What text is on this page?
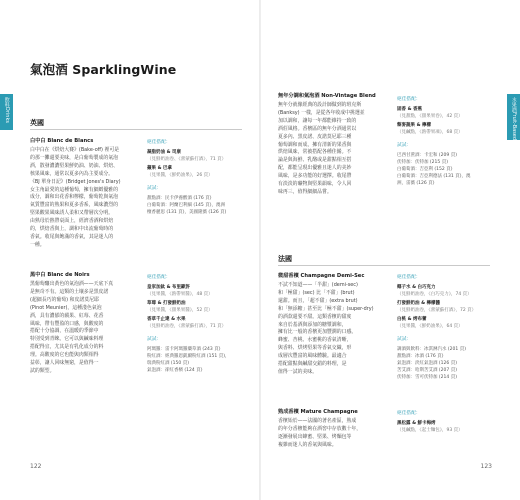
飲料
Drinks
氣泡酒 SparklingWine
英國
白中白 Blanc de Blancs

白中白在《烘焙大賽》(Bake-off) 裡可是

的那一攤還要美味，是白葡萄製成的氣泡

酒，散發濃濃堅果鮮奶油、奶油、烘焙、

核果風味，通常以夏多內為主要成分。

《BJ 單身日記》(Bridget Jones's Diary)

女主角最愛的這種葡萄，擁有細緻優雅的

成分，調和出花香和檸檬，葡萄乾與氣泡

氣質豐富的熟果和夏多香系，風味濃烈的

堅果酸果風味誘人柔和又帶層次分明。

由熟母於熱帶桌面上，經濟香酒和烘焙

的，烘焙香與上，調和中出流葡萄時的

香氣。收尾與飽滿的香氣，其是迷人的

一種。

絕佳搭配：
凝脂奶油 & 司康
（見鮮奶油卷、《蕾蒙蘇打酒》，71 頁）
蘋果 & 巴拿
（見果醬，《鮮奶油果》，26 頁）
試試：
甜點酒：民卡伊養酸酒 (176 頁)
白葡萄酒：阿蘭巴利細 (145 頁)，澳洲
檀香麗思 (131 頁)，美國隆薇 (126 頁)
黑中白 Blanc de Noirs

黑葡萄釀出黃色的氣泡酒——天底下真

是無奇不有。這類的土壤多是黑皮諾

(超細長巧的葡萄) 和皮諾莫尼耶

(Pinot Meunier)，這種淺色氣泡

酒，具有濃郁的蘋果、紅莓、花香

風味，帶有豐盈的口感，與酸度的

搭配十分協調，在溫暖的季節中

特別受到青睞。它可以與鹹味料理

搭配得宜，尤其是有乳化成分的料

理。高酸度的它也能與肉類相得

益彰，讓人回味無窮，是值得一

試的類型。

絕佳搭配：
皇家加鈦 & 布里歐許
（見果醬，《熱帶果醬》，48 頁）
草莓 & 打發鮮奶油
（見果醬，《甜果果醬》，52 頁）
香草千止達 & 水果
（見鮮奶油卷，《蕾蒙蘇打酒》，71 頁）
試試：
阿瑪羅：雷卡阿瑪羅藥草酒 (243 頁)
粉紅酒：經典羅恩凱爾粉紅酒 (151 頁)，
瑞典粉紅酒 (150 頁)
氣泡酒：卻紅香檳 (124 頁)
122
水果酒
Fruit-Based
無年分調和氣泡酒 Non-Vintage Blend

無年分就像經典的設計師做到的班克斯

(Banksy) 一樣，是從各年收成中挑選並

加以調和，讓每一年都能維持一致的

酒莊風格。香檳區的無年分酒通常以

夏多內、黑皮諾、皮諾莫尼耶三種

葡萄調和而成，擁有清新的果香與

烘焙風味，常被搭配各種佳餚。不

論是與海鮮、乳酪或是甜點相互搭

配，都能呈現出優雅且迷人的美妙

風味，是多功能的好選擇。收尾帶

有淡淡的礦物與堅果韻味，令人回

味再三，值得細細品嘗。

絕佳搭配：
固香 & 香蕉
（見甜點，《甜果果卷》，42 頁）
藜麥蔬果 & 檸檬
（見鹹點，《熱帶果凍》，68 頁）
試試：
巴西甘蔗酒：卡宏和 (209 頁)
伏特加：伏特加 (215 頁)
白葡萄酒：吉亞利 (152 頁)
白葡萄酒：吉亞利德法 (131 頁)，澳
洲，雷薇 (126 頁)
法國
微甜香檳 Champagne Demi-Sec

不試不知道——「半甜」(demi-sec)

和「極甜」(sec) 比「不甜」(brut)

還甜。而且，「超不甜」(extra brut)

和「無添糖」甚至比「極不甜」(super-dry)

的酒款還要不甜。這類香檳的甜度

來自於基酒與添加的糖漿調和，

擁有比一般的香檳更加豐潤的口感。

蜂蜜、杏桃、水蜜桃的香氣清晰，

與香料、烘烤堅果等香氣交織，形

成層次豐富的風味體驗。最適合

搭配甜點與鹹甜交錯的料理，是

值得一試的美味。

絕佳搭配：
椰子水 & 白巧克力
（見鮮奶油卷，《白巧克力》，74 頁）
打發鮮奶油 & 檸檬醬
（見鮮奶油卷，《蕾蒙蘇打酒》，72 頁）
白桃 & 烤布蕾
（見果醬，《鮮奶油果》，64 頁）
試試：
調酒與飲料：冰淇淋汽水 (201 頁)
甜點酒：冰酒 (176 頁)
氣泡酒：淡紅氣泡酒 (126 頁)
苦艾酒：哈斯苦艾酒 (207 頁)
伏特加：雪可伏特加 (214 頁)
熟成香檳 Mature Champagne

香檳始於——法國的著名產區，熟成

的年分香檳能夠在酒窖中存放數十年，

逐漸發展出蜂蜜、堅果、烤麵包等

複雜而迷人的香氣與風味。

絕佳搭配：
黑松露 & 鮮卡梅烤
（見鹹點，《起士麵包》，93 頁）
123
